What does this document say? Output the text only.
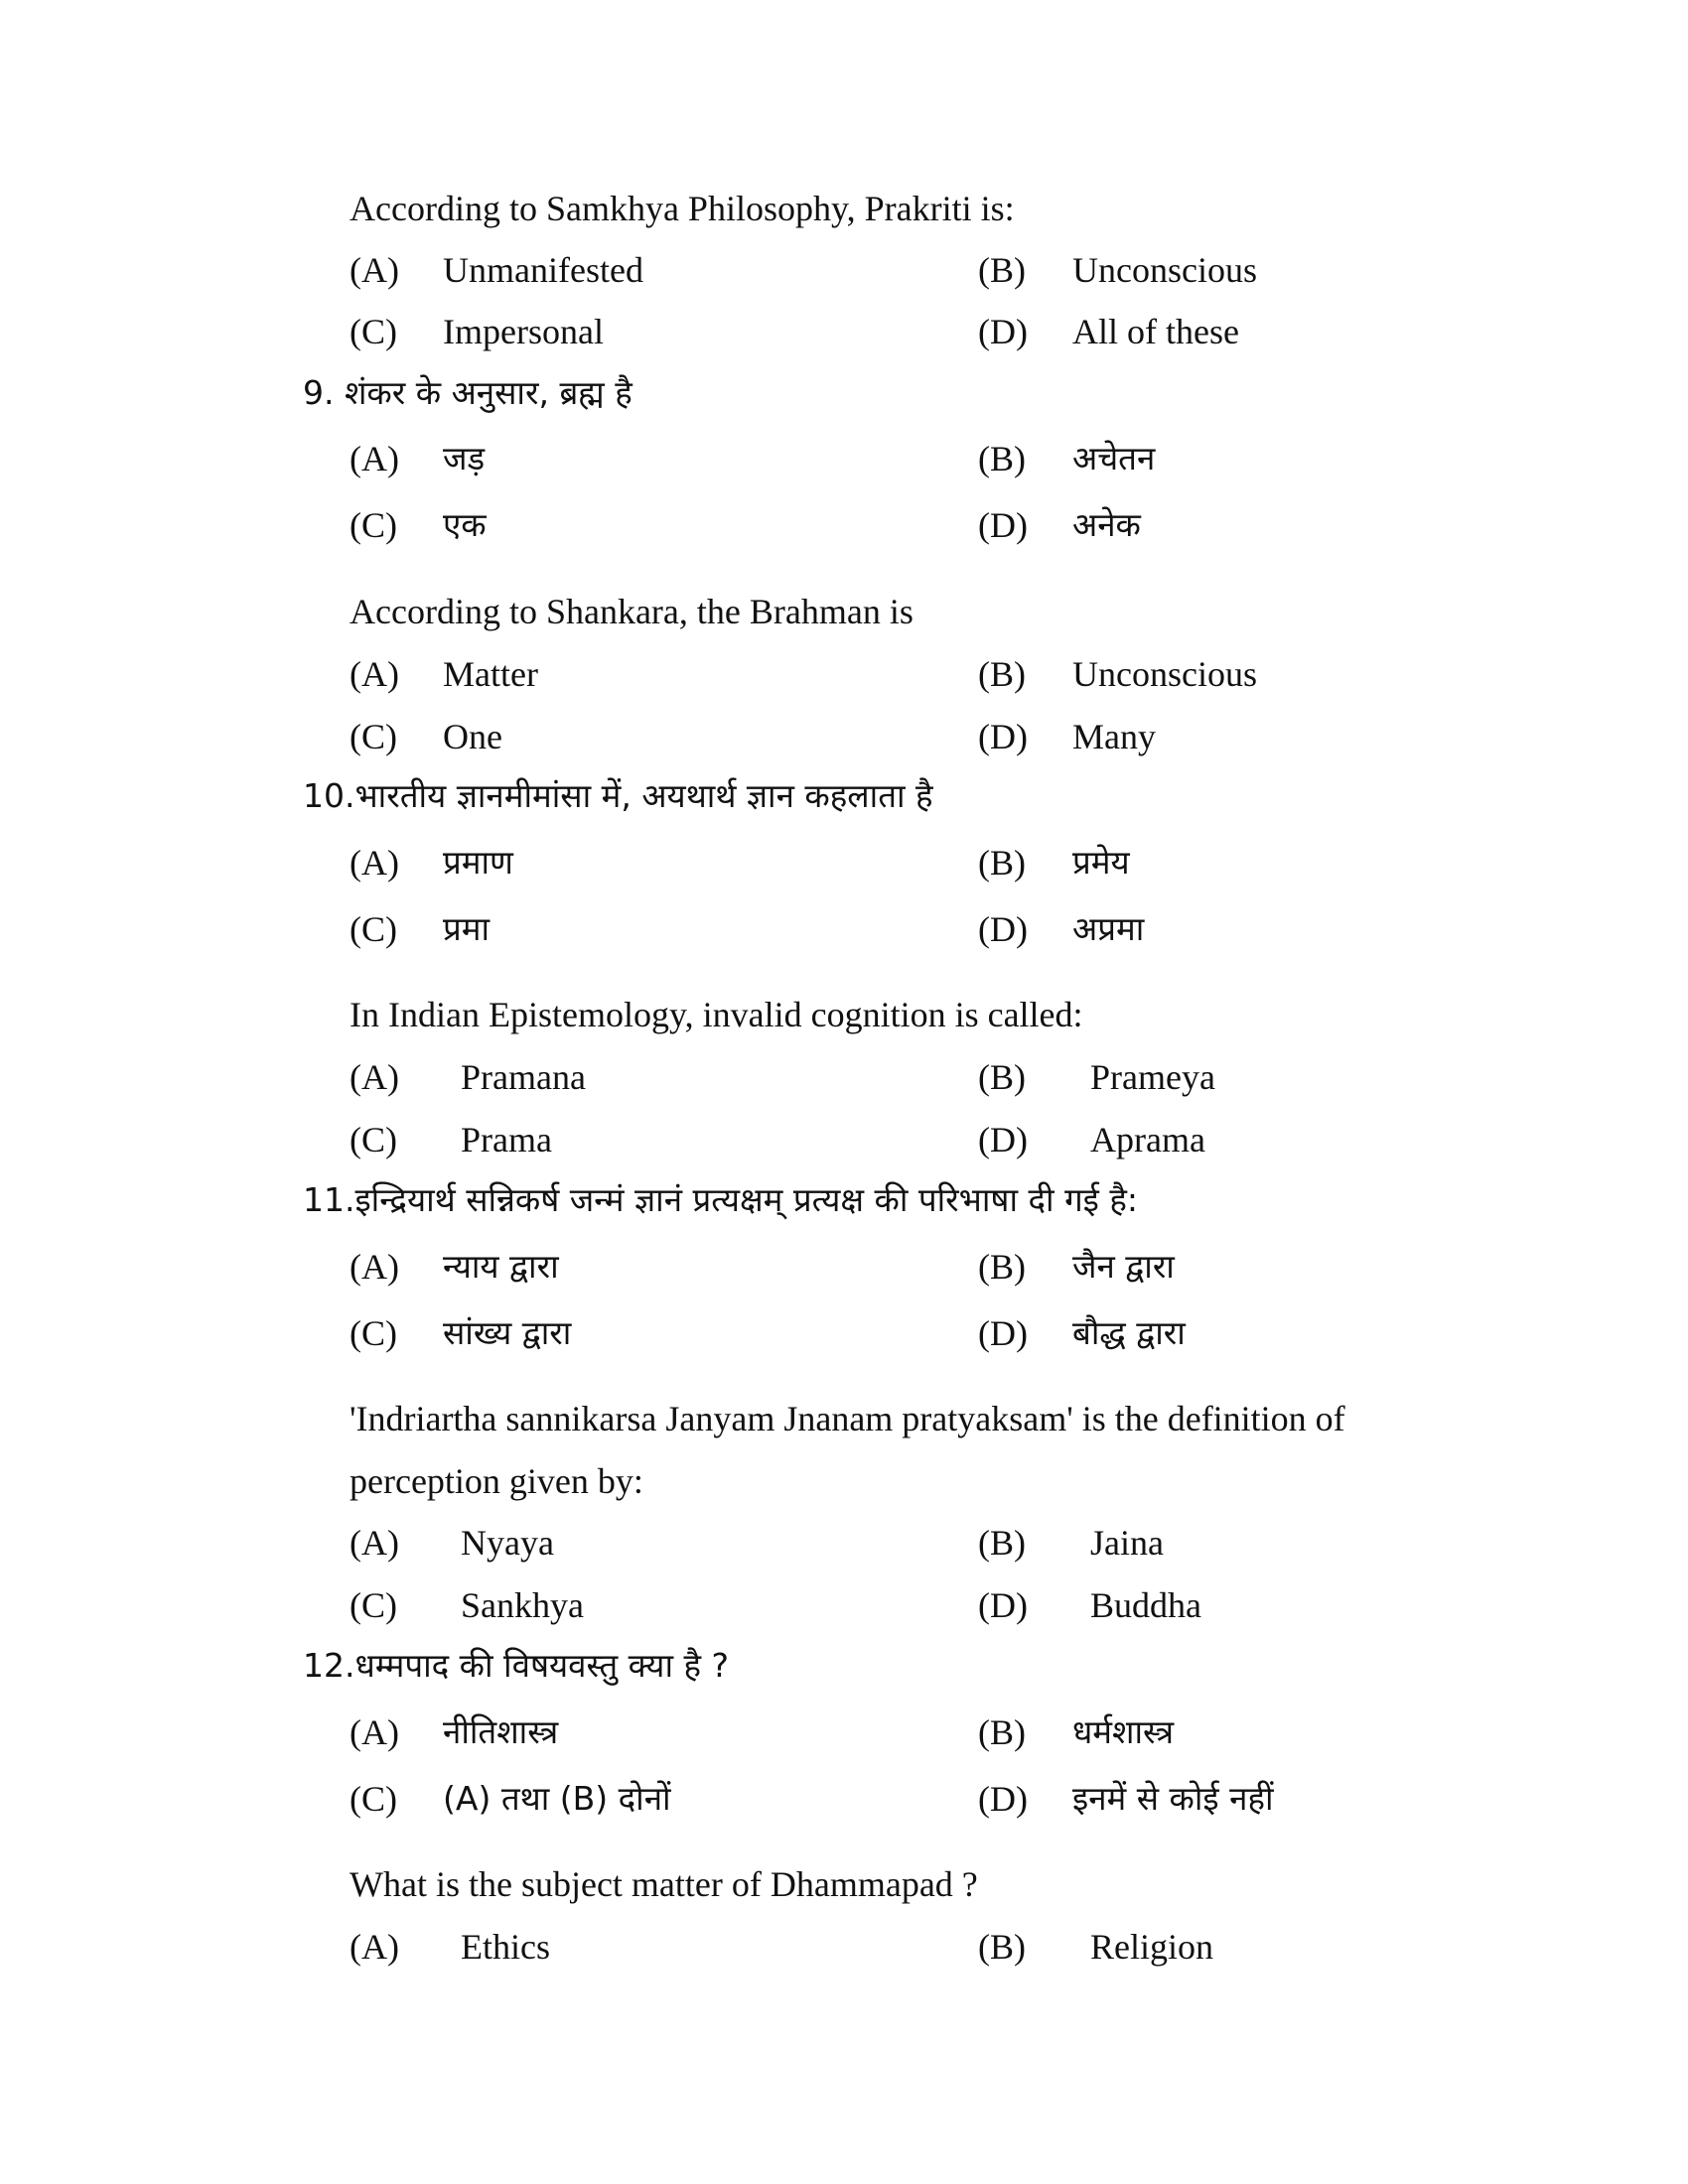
According to Samkhya Philosophy, Prakriti is:
(A) Unmanifested	(B) Unconscious
(C) Impersonal	(D) All of these
9. शंकर के अनुसार, ब्रह्म है
(A) जड़	(B) अचेतन
(C) एक	(D) अनेक
According to Shankara, the Brahman is
(A) Matter	(B) Unconscious
(C) One	(D) Many
10.भारतीय ज्ञानमीमांसा में, अयथार्थ ज्ञान कहलाता है
(A) प्रमाण	(B) प्रमेय
(C) प्रमा	(D) अप्रमा
In Indian Epistemology, invalid cognition is called:
(A) Pramana	(B) Prameya
(C) Prama	(D) Aprama
11.इन्द्रियार्थ सन्निकर्ष जन्मं ज्ञानं प्रत्यक्षम् प्रत्यक्ष की परिभाषा दी गई है:
(A) न्याय द्वारा	(B) जैन द्वारा
(C) सांख्य द्वारा	(D) बौद्ध द्वारा
'Indriartha sannikarsa Janyam Jnanam pratyaksam' is the definition of
perception given by:
(A) Nyaya	(B) Jaina
(C) Sankhya	(D) Buddha
12.धम्मपाद की विषयवस्तु क्या है ?
(A) नीतिशास्त्र	(B) धर्मशास्त्र
(C) (A) तथा (B) दोनों	(D) इनमें से कोई नहीं
What is the subject matter of Dhammapad ?
(A) Ethics	(B) Religion
